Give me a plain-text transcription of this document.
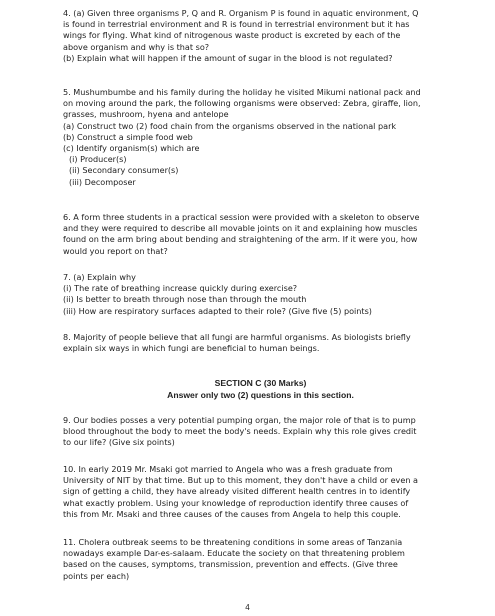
4. (a) Given three organisms P, Q and R. Organism P is found in aquatic environment, Q
is found in terrestrial environment and R is found in terrestrial environment but it has
wings for flying. What kind of nitrogenous waste product is excreted by each of the
above organism and why is that so?
(b) Explain what will happen if the amount of sugar in the blood is not regulated?
5. Mushumbumbe and his family during the holiday he visited Mikumi national pack and
on moving around the park, the following organisms were observed: Zebra, giraffe, lion,
grasses, mushroom, hyena and antelope
(a) Construct two (2) food chain from the organisms observed in the national park
(b) Construct a simple food web
(c) Identify organism(s) which are
(i) Producer(s)
(ii) Secondary consumer(s)
(iii) Decomposer
6. A form three students in a practical session were provided with a skeleton to observe
and they were required to describe all movable joints on it and explaining how muscles
found on the arm bring about bending and straightening of the arm. If it were you, how
would you report on that?
7. (a) Explain why
(i) The rate of breathing increase quickly during exercise?
(ii) Is better to breath through nose than through the mouth
(iii) How are respiratory surfaces adapted to their role? (Give five (5) points)
8. Majority of people believe that all fungi are harmful organisms. As biologists briefly
explain six ways in which fungi are beneficial to human beings.
SECTION C (30 Marks)
Answer only two (2) questions in this section.
9. Our bodies posses a very potential pumping organ, the major role of that is to pump
blood throughout the body to meet the body's needs. Explain why this role gives credit
to our life? (Give six points)
10. In early 2019 Mr. Msaki got married to Angela who was a fresh graduate from
University of NIT by that time. But up to this moment, they don't have a child or even a
sign of getting a child, they have already visited different health centres in to identify
what exactly problem. Using your knowledge of reproduction identify three causes of
this from Mr. Msaki and three causes of the causes from Angela to help this couple.
11. Cholera outbreak seems to be threatening conditions in some areas of Tanzania
nowadays example Dar-es-salaam. Educate the society on that threatening problem
based on the causes, symptoms, transmission, prevention and effects. (Give three
points per each)
4
